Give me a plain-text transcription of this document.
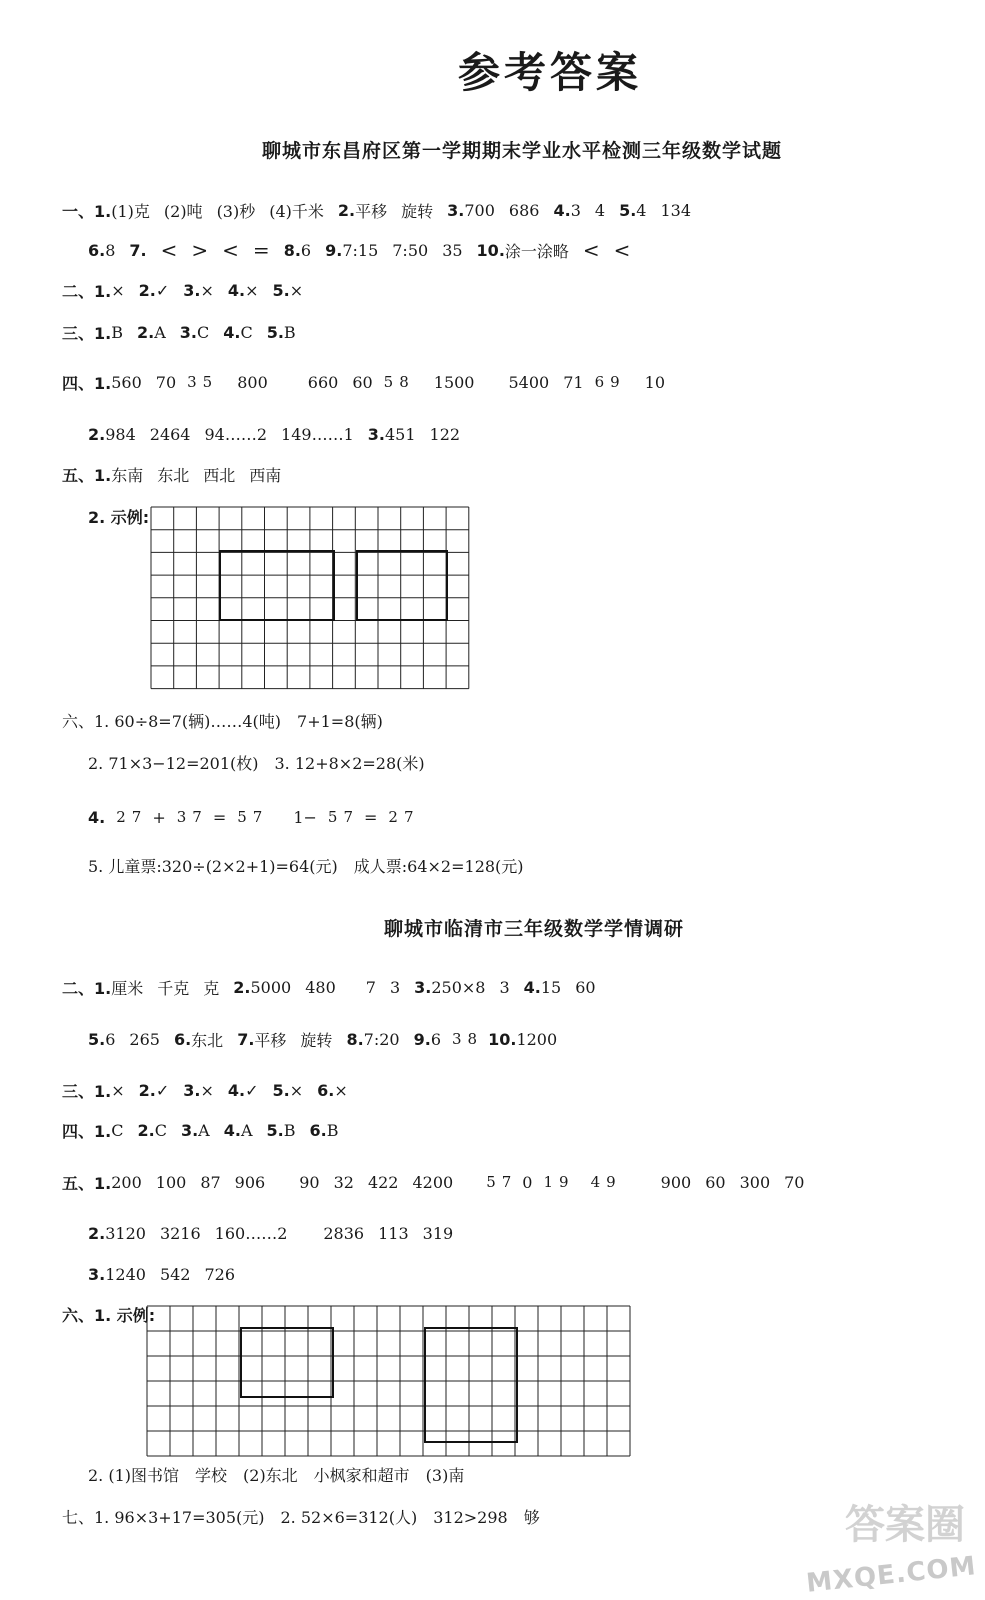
参考答案
聊城市东昌府区第一学期期末学业水平检测三年级数学试题
一、1. (1)克 (2)吨 (3)秒 (4)千米 2. 平移 旋转 3. 700 686 4. 3 4 5. 4 134
6. 8 7. < > < = 8. 6 9. 7:15 7:50 35 10. 涂一涂略 < <
二、1. × 2. ✓ 3. × 4. × 5. ×
三、1. B 2. A 3. C 4. C 5. B
四、1. 560 70 3 5 800	660 60 5 8 1500 5400 71 6 9 10
2. 984 2464 94……2 149……1 3. 451 122
五、1. 东南 东北 西北 西南
2. 示例:
六、1. 60÷8=7(辆)……4(吨)　7+1=8(辆)
2. 71×3−12=201(枚)　3. 12+8×2=28(米)
4. 2 7 + 3 7 = 5 7 1− 5 7 = 2 7
5. 儿童票:320÷(2×2+1)=64(元)　成人票:64×2=128(元)
聊城市临清市三年级数学学情调研
二、1. 厘米 千克 克 2. 5000 480 7 3 3. 250×8 3 4. 15 60
5. 6 265 6. 东北 7. 平移 旋转 8. 7:20 9. 6 3 8 10. 1200
三、1. × 2. ✓ 3. × 4. ✓ 5. × 6. ×
四、1. C 2. C 3. A 4. A 5. B 6. B
五、1. 200 100 87 906 90 32 422 4200 5 7 0 1 9 4 9	900 60 300 70
2. 3120 3216 160……2 2836 113 319
3. 1240 542 726
六、1. 示例:
2. (1)图书馆　学校　(2)东北　小枫家和超市　(3)南
七、1. 96×3+17=305(元)　2. 52×6=312(人)　312>298　够	答案圈
MXQE.COM
